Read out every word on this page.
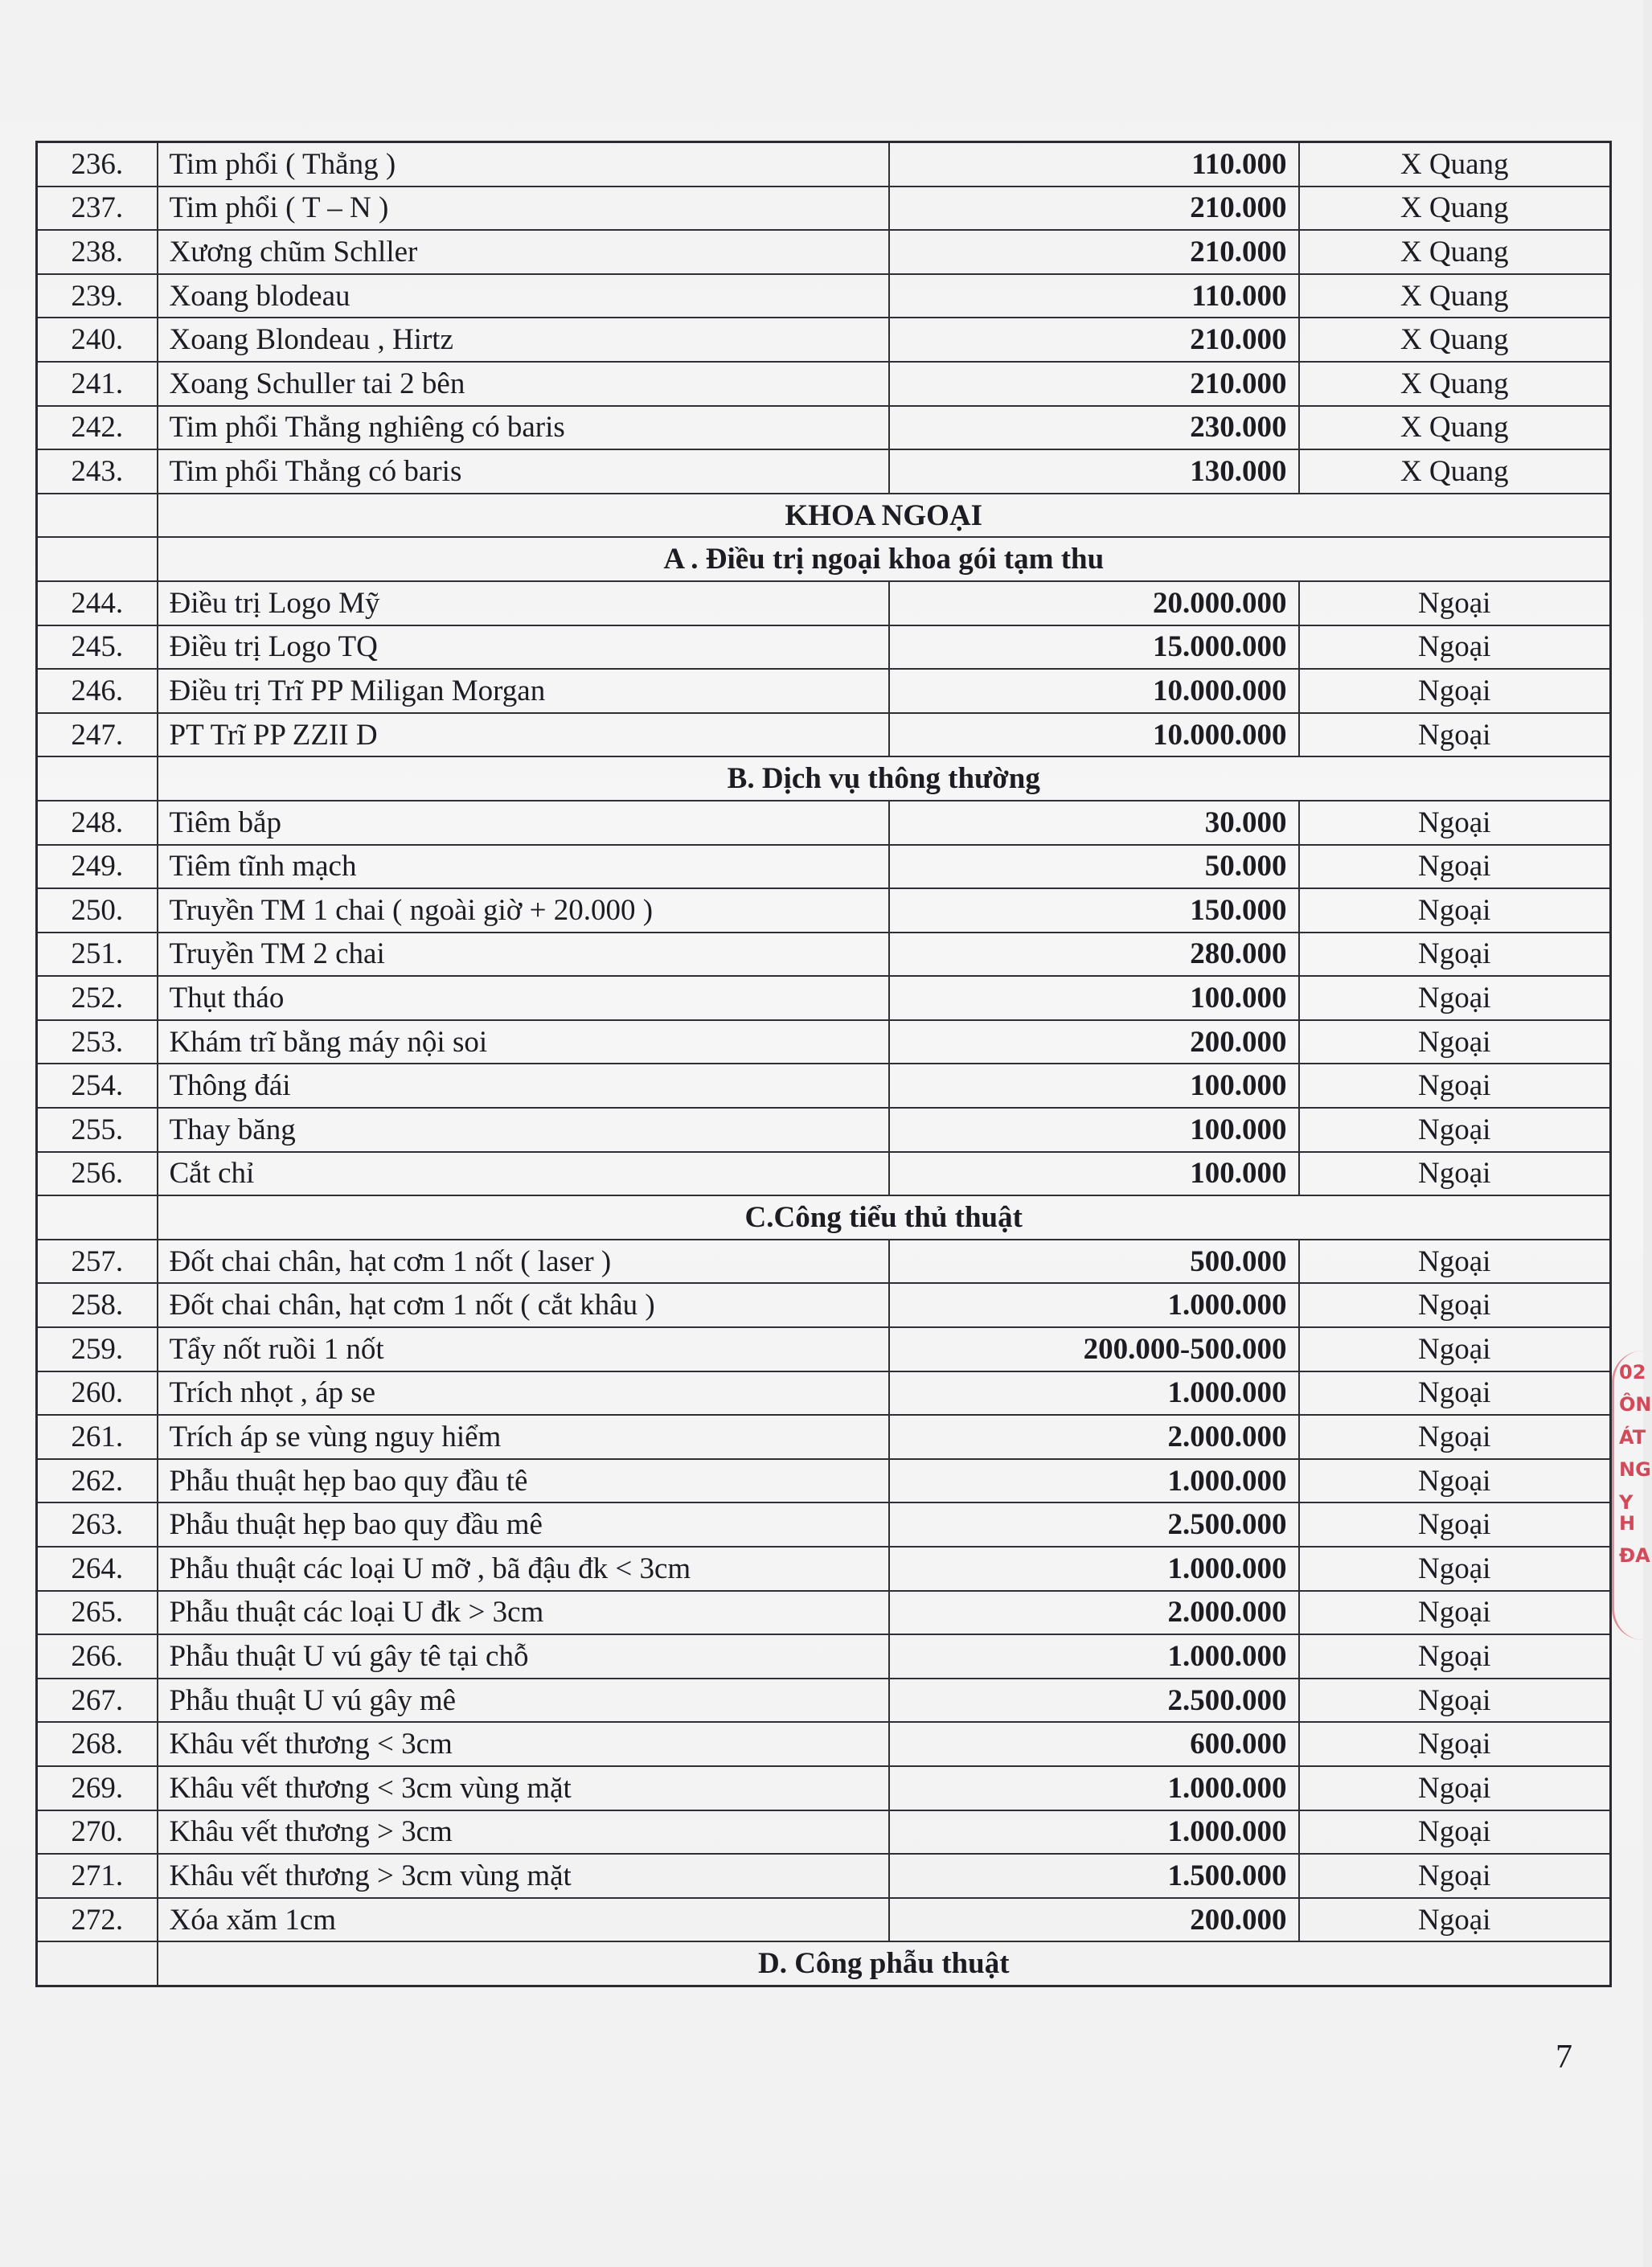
236.	Tim phổi ( Thẳng )	110.000	X Quang
237.	Tim phổi ( T – N )	210.000	X Quang
238.	Xương chũm Schller	210.000	X Quang
239.	Xoang blodeau	110.000	X Quang
240.	Xoang Blondeau , Hirtz	210.000	X Quang
241.	Xoang Schuller tai 2 bên	210.000	X Quang
242.	Tim phổi Thẳng nghiêng có baris	230.000	X Quang
243.	Tim phổi Thẳng có baris	130.000	X Quang
	KHOA NGOẠI		
	A . Điều trị ngoại khoa gói tạm thu		
244.	Điều trị Logo Mỹ	20.000.000	Ngoại
245.	Điều trị Logo TQ	15.000.000	Ngoại
246.	Điều trị Trĩ PP Miligan Morgan	10.000.000	Ngoại
247.	PT Trĩ PP ZZII D	10.000.000	Ngoại
	B. Dịch vụ thông thường		
248.	Tiêm bắp	30.000	Ngoại
249.	Tiêm tĩnh mạch	50.000	Ngoại
250.	Truyền TM 1 chai ( ngoài giờ + 20.000 )	150.000	Ngoại
251.	Truyền TM 2 chai	280.000	Ngoại
252.	Thụt tháo	100.000	Ngoại
253.	Khám trĩ bằng máy nội soi	200.000	Ngoại
254.	Thông đái	100.000	Ngoại
255.	Thay băng	100.000	Ngoại
256.	Cắt chỉ	100.000	Ngoại
	C.Công tiểu thủ thuật		
257.	Đốt chai chân, hạt cơm 1 nốt ( laser )	500.000	Ngoại
258.	Đốt chai chân, hạt cơm 1 nốt ( cắt khâu )	1.000.000	Ngoại
259.	Tẩy nốt ruồi 1 nốt	200.000-500.000	Ngoại
260.	Trích nhọt , áp se	1.000.000	Ngoại
261.	Trích áp se vùng nguy hiểm	2.000.000	Ngoại
262.	Phẫu thuật hẹp bao quy đầu tê	1.000.000	Ngoại
263.	Phẫu thuật hẹp bao quy đầu mê	2.500.000	Ngoại
264.	Phẫu thuật các loại U mỡ , bã đậu đk < 3cm	1.000.000	Ngoại
265.	Phẫu thuật các loại U đk > 3cm	2.000.000	Ngoại
266.	Phẫu thuật U vú gây tê tại chỗ	1.000.000	Ngoại
267.	Phẫu thuật U vú gây mê	2.500.000	Ngoại
268.	Khâu vết thương < 3cm	600.000	Ngoại
269.	Khâu vết thương < 3cm vùng mặt	1.000.000	Ngoại
270.	Khâu vết thương > 3cm	1.000.000	Ngoại
271.	Khâu vết thương > 3cm vùng mặt	1.500.000	Ngoại
272.	Xóa xăm 1cm	200.000	Ngoại
	D. Công phẫu thuật		
7
02
ÔN
ÁT
NG
Y H
ĐA
